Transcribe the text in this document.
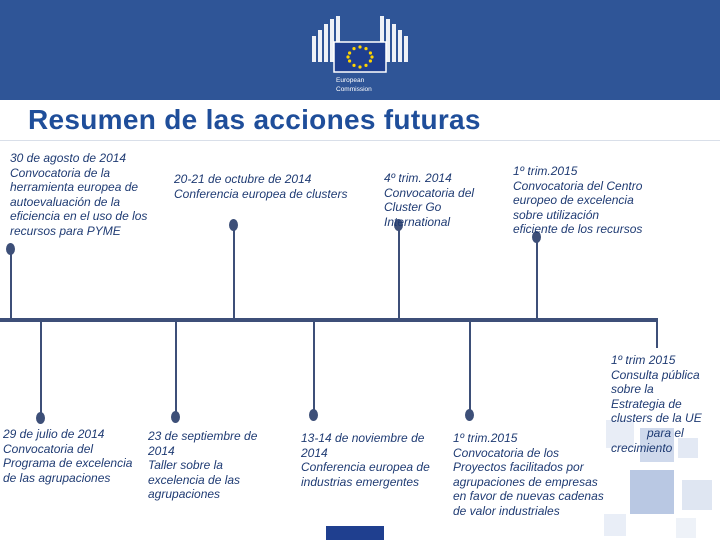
European
Commission
Resumen de las acciones futuras

30 de agosto de 2014
Convocatoria de la
herramienta europea de
autoevaluación de la
eficiencia en el uso de los
recursos para PYME

20-21 de octubre de 2014
Conferencia europea de clusters

4º trim. 2014
Convocatoria del
Cluster Go
International

1º trim.2015
Convocatoria del Centro
europeo de excelencia
sobre utilización
eficiente de los recursos

29 de julio de 2014
Convocatoria del
Programa de excelencia
de las agrupaciones

23 de septiembre de
2014
Taller sobre la
excelencia de las
agrupaciones

13-14 de noviembre de
2014
Conferencia europea de
industrias emergentes

1º trim.2015
Convocatoria de los
Proyectos facilitados por
agrupaciones de empresas
en favor de nuevas cadenas
de valor industriales

1º trim 2015
Consulta pública
sobre la
Estrategia de
clusters de la UE
para el
crecimiento
